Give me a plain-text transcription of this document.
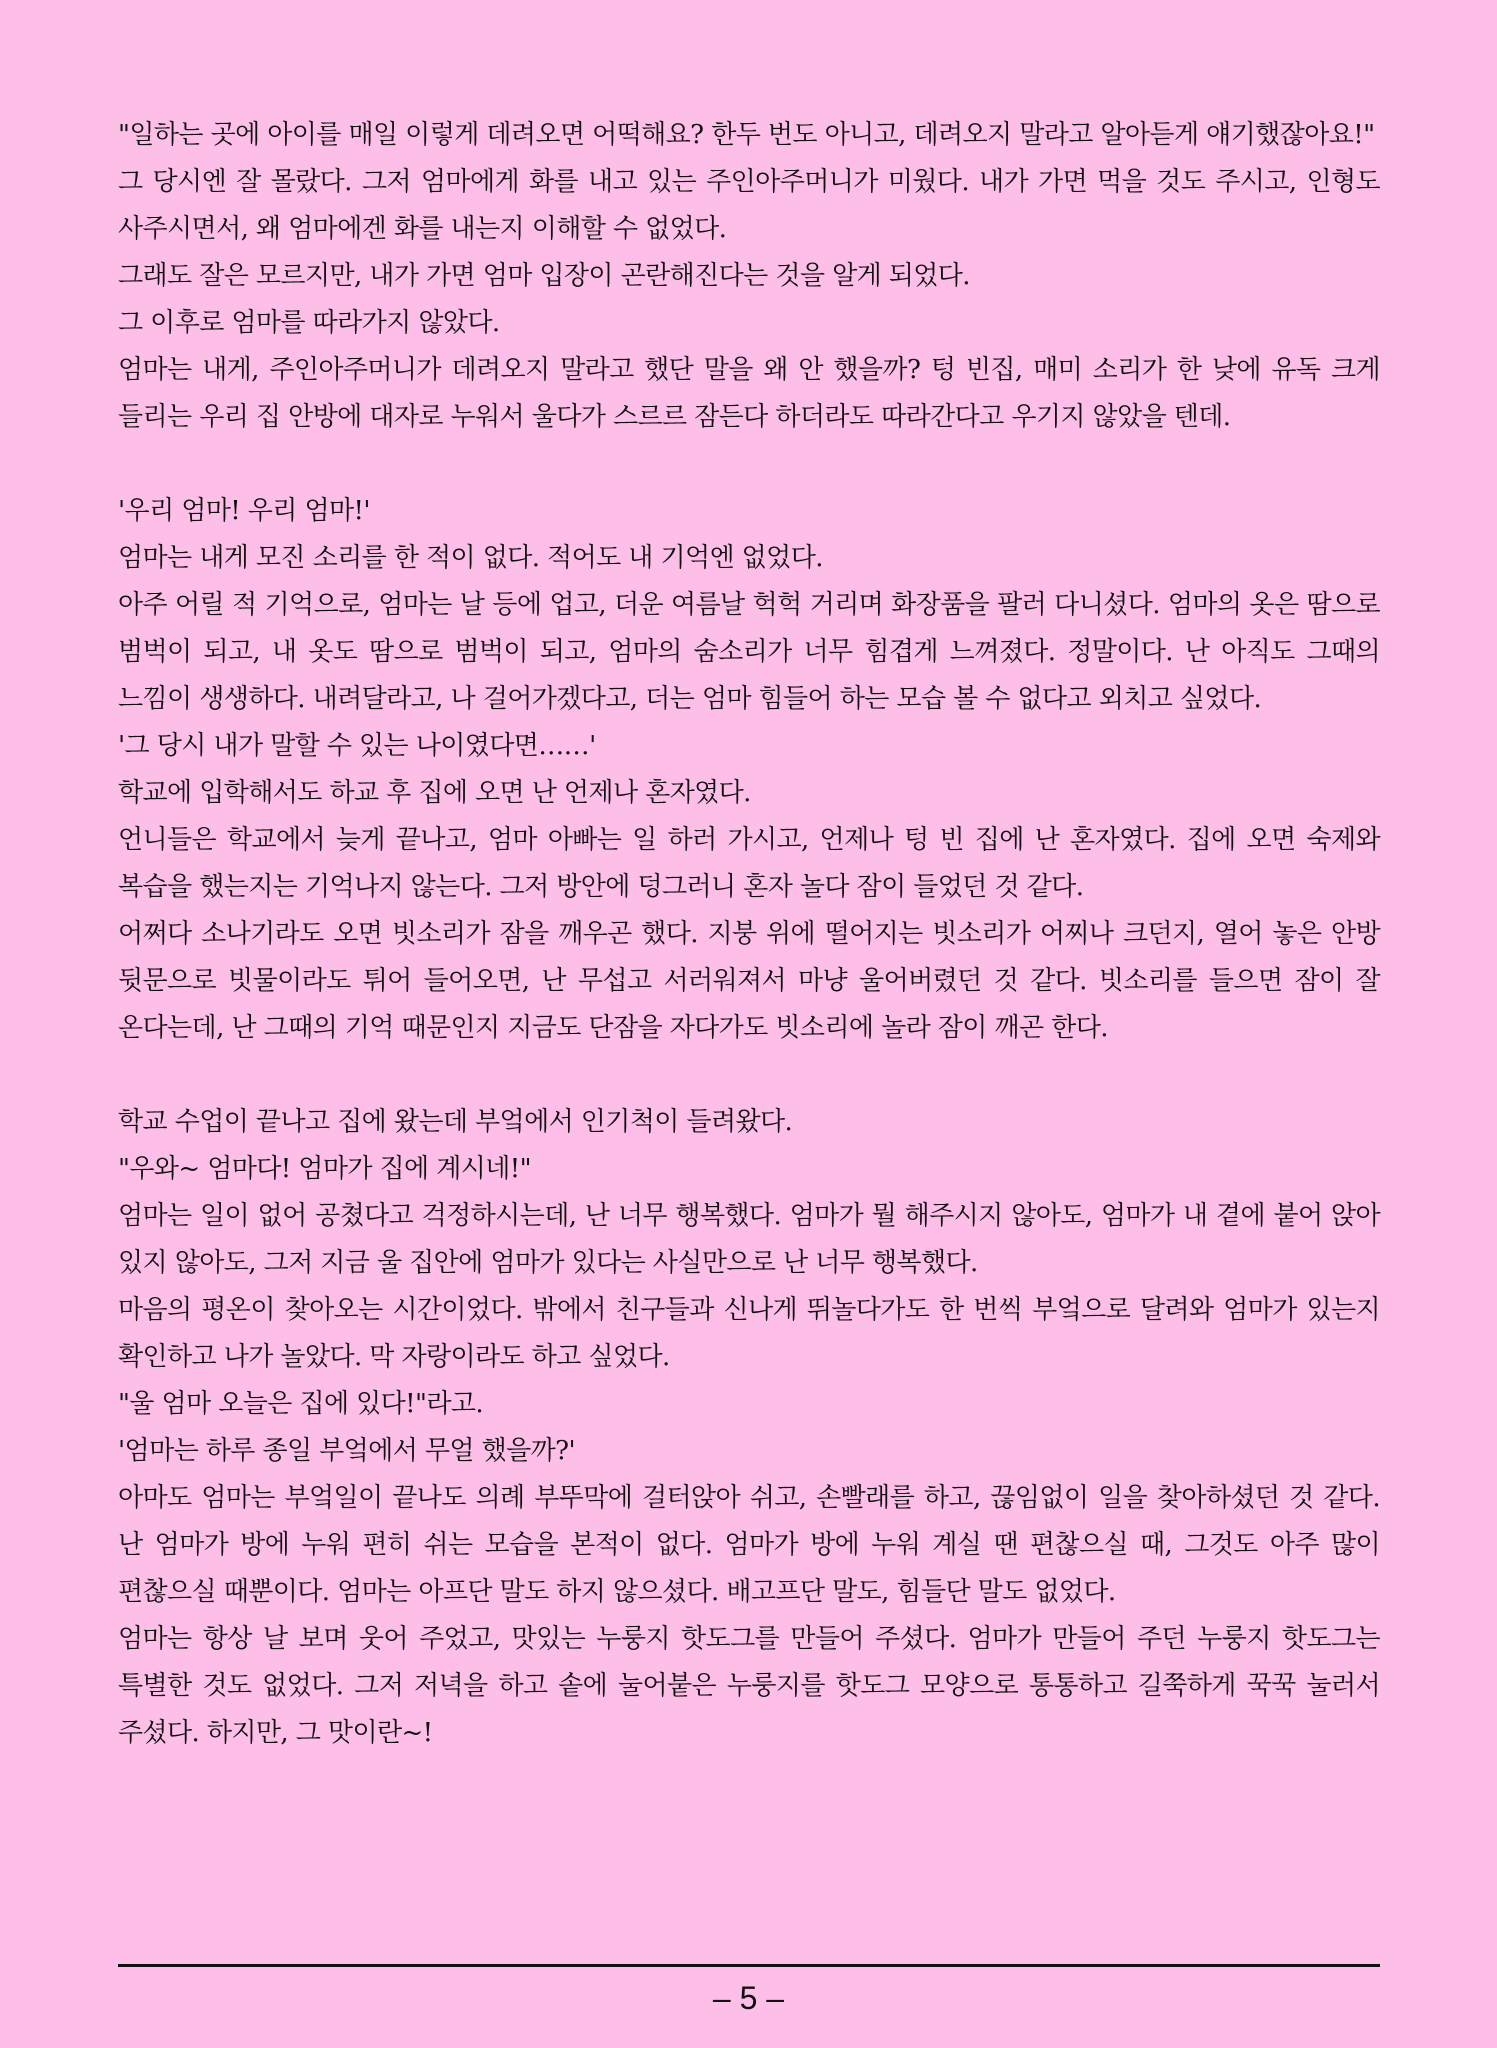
"일하는 곳에 아이를 매일 이렇게 데려오면 어떡해요? 한두 번도 아니고, 데려오지 말라고 알아듣게 얘기했잖아요!"

그 당시엔 잘 몰랐다. 그저 엄마에게 화를 내고 있는 주인아주머니가 미웠다. 내가 가면 먹을 것도 주시고, 인형도 사주시면서, 왜 엄마에겐 화를 내는지 이해할 수 없었다.

그래도 잘은 모르지만, 내가 가면 엄마 입장이 곤란해진다는 것을 알게 되었다.

그 이후로 엄마를 따라가지 않았다.

엄마는 내게, 주인아주머니가 데려오지 말라고 했단 말을 왜 안 했을까? 텅 빈집, 매미 소리가 한 낮에 유독 크게 들리는 우리 집 안방에 대자로 누워서 울다가 스르르 잠든다 하더라도 따라간다고 우기지 않았을 텐데.

'우리 엄마! 우리 엄마!'

엄마는 내게 모진 소리를 한 적이 없다. 적어도 내 기억엔 없었다.

아주 어릴 적 기억으로, 엄마는 날 등에 업고, 더운 여름날 헉헉 거리며 화장품을 팔러 다니셨다. 엄마의 옷은 땀으로 범벅이 되고, 내 옷도 땀으로 범벅이 되고, 엄마의 숨소리가 너무 힘겹게 느껴졌다. 정말이다. 난 아직도 그때의 느낌이 생생하다. 내려달라고, 나 걸어가겠다고, 더는 엄마 힘들어 하는 모습 볼 수 없다고 외치고 싶었다.

'그 당시 내가 말할 수 있는 나이였다면……'

학교에 입학해서도 하교 후 집에 오면 난 언제나 혼자였다.

언니들은 학교에서 늦게 끝나고, 엄마 아빠는 일 하러 가시고, 언제나 텅 빈 집에 난 혼자였다. 집에 오면 숙제와 복습을 했는지는 기억나지 않는다. 그저 방안에 덩그러니 혼자 놀다 잠이 들었던 것 같다.

어쩌다 소나기라도 오면 빗소리가 잠을 깨우곤 했다. 지붕 위에 떨어지는 빗소리가 어찌나 크던지, 열어 놓은 안방 뒷문으로 빗물이라도 튀어 들어오면, 난 무섭고 서러워져서 마냥 울어버렸던 것 같다. 빗소리를 들으면 잠이 잘 온다는데, 난 그때의 기억 때문인지 지금도 단잠을 자다가도 빗소리에 놀라 잠이 깨곤 한다.

학교 수업이 끝나고 집에 왔는데 부엌에서 인기척이 들려왔다.

"우와~ 엄마다! 엄마가 집에 계시네!"

엄마는 일이 없어 공쳤다고 걱정하시는데, 난 너무 행복했다. 엄마가 뭘 해주시지 않아도, 엄마가 내 곁에 붙어 앉아 있지 않아도, 그저 지금 울 집안에 엄마가 있다는 사실만으로 난 너무 행복했다.

마음의 평온이 찾아오는 시간이었다. 밖에서 친구들과 신나게 뛰놀다가도 한 번씩 부엌으로 달려와 엄마가 있는지 확인하고 나가 놀았다. 막 자랑이라도 하고 싶었다.

"울 엄마 오늘은 집에 있다!"라고.

'엄마는 하루 종일 부엌에서 무얼 했을까?'

아마도 엄마는 부엌일이 끝나도 의례 부뚜막에 걸터앉아 쉬고, 손빨래를 하고, 끊임없이 일을 찾아하셨던 것 같다. 난 엄마가 방에 누워 편히 쉬는 모습을 본적이 없다. 엄마가 방에 누워 계실 땐 편찮으실 때, 그것도 아주 많이 편찮으실 때뿐이다. 엄마는 아프단 말도 하지 않으셨다. 배고프단 말도, 힘들단 말도 없었다.

엄마는 항상 날 보며 웃어 주었고, 맛있는 누룽지 핫도그를 만들어 주셨다. 엄마가 만들어 주던 누룽지 핫도그는 특별한 것도 없었다. 그저 저녁을 하고 솥에 눌어붙은 누룽지를 핫도그 모양으로 통통하고 길쭉하게 꾹꾹 눌러서 주셨다. 하지만, 그 맛이란~!

– 5 –
